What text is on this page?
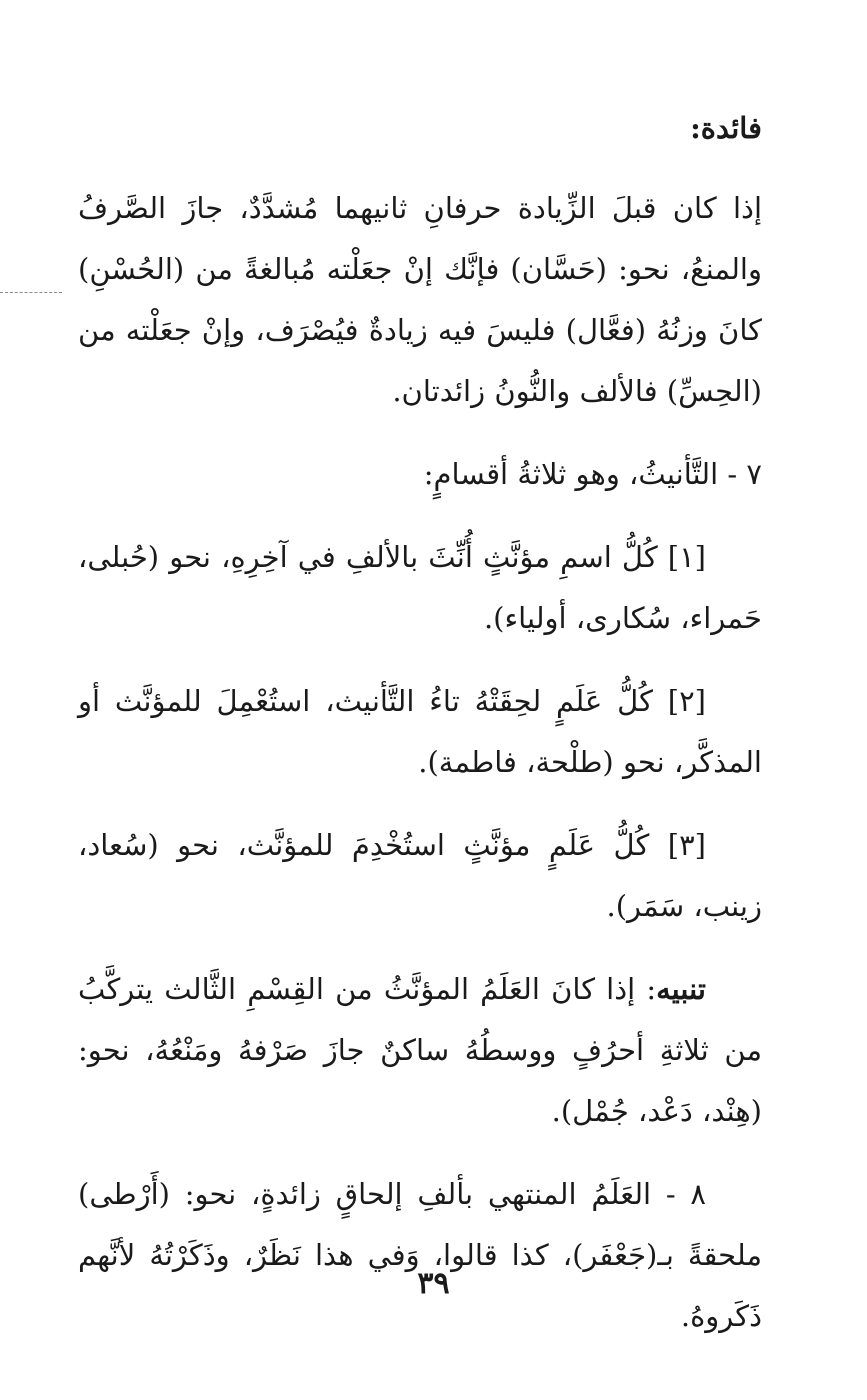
فائدة:

إذا كان قبلَ الزِّيادة حرفانِ ثانيهما مُشدَّدٌ، جازَ الصَّرفُ والمنعُ، نحو: (حَسَّان) فإنَّك إنْ جعَلْته مُبالغةً من (الحُسْنِ) كانَ وزنُهُ (فعَّال) فليسَ فيه زيادةٌ فيُصْرَف، وإنْ جعَلْته من (الحِسِّ) فالألف والنُّونُ زائدتان.

٧ - التَّأنيثُ، وهو ثلاثةُ أقسامٍ:

[١] كُلُّ اسمِ مؤنَّثٍ أُنِّثَ بالألفِ في آخِرِهِ، نحو (حُبلى، حَمراء، سُكارى، أولياء).

[٢] كُلُّ عَلَمٍ لحِقَتْهُ تاءُ التَّأنيث، استُعْمِلَ للمؤنَّث أو المذكَّر، نحو (طلْحة، فاطمة).

[٣] كُلُّ عَلَمٍ مؤنَّثٍ استُخْدِمَ للمؤنَّث، نحو (سُعاد، زينب، سَمَر).

تنبيه: إذا كانَ العَلَمُ المؤنَّثُ من القِسْمِ الثَّالث يتركَّبُ من ثلاثةِ أحرُفٍ ووسطُهُ ساكنٌ جازَ صَرْفهُ ومَنْعُهُ، نحو: (هِنْد، دَعْد، جُمْل).

٨ - العَلَمُ المنتهي بألفِ إلحاقٍ زائدةٍ، نحو: (أَرْطى) ملحقةً بـ(جَعْفَر)، كذا قالوا، وَفي هذا نَظَرٌ، وذَكَرْتُهُ لأنَّهم ذَكَروهُ.

٣٩
